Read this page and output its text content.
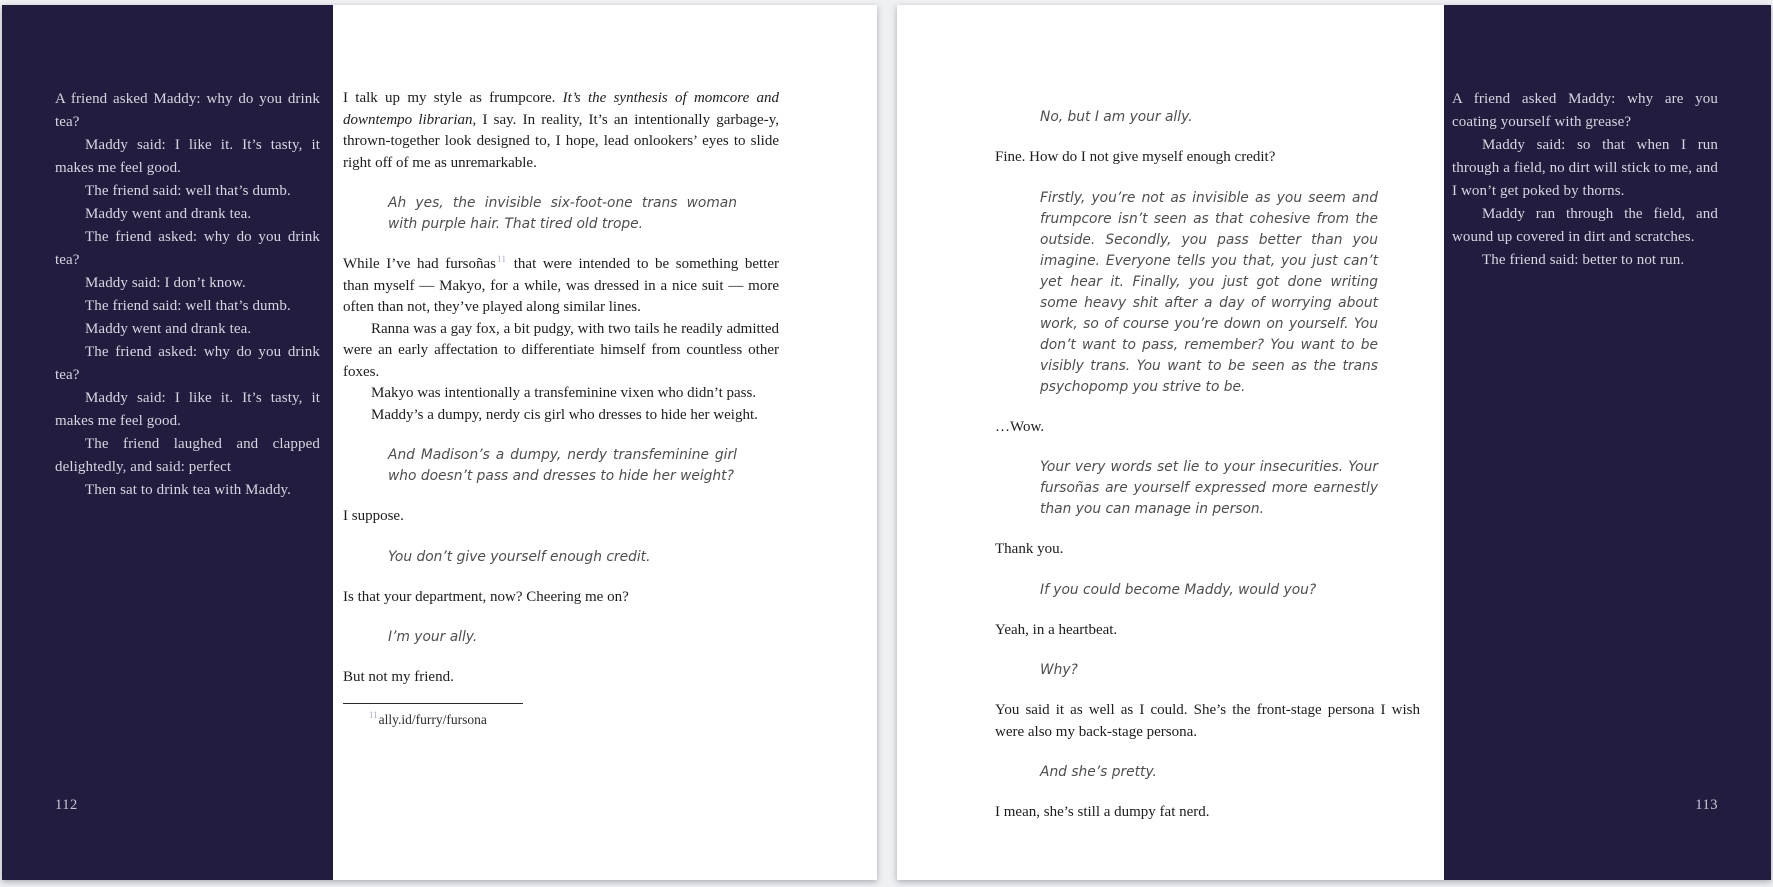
A friend asked Maddy: why do you drink tea?

Maddy said: I like it. It’s tasty, it makes me feel good.

The friend said: well that’s dumb.

Maddy went and drank tea.

The friend asked: why do you drink tea?

Maddy said: I don’t know.

The friend said: well that’s dumb.

Maddy went and drank tea.

The friend asked: why do you drink tea?

Maddy said: I like it. It’s tasty, it makes me feel good.

The friend laughed and clapped delightedly, and said: perfect

Then sat to drink tea with Maddy.

112

I talk up my style as frumpcore. It’s the synthesis of momcore and downtempo librarian, I say. In reality, It’s an intentionally garbage-y, thrown-together look designed to, I hope, lead onlookers’ eyes to slide right off of me as unremarkable.

Ah yes, the invisible six-foot-one trans woman with purple hair. That tired old trope.

While I’ve had fursoñas$^{11}$ that were intended to be something better than myself — Makyo, for a while, was dressed in a nice suit — more often than not, they’ve played along similar lines.

Ranna was a gay fox, a bit pudgy, with two tails he readily admitted were an early affectation to differentiate himself from countless other foxes.

Makyo was intentionally a transfeminine vixen who didn’t pass.

Maddy’s a dumpy, nerdy cis girl who dresses to hide her weight.

And Madison’s a dumpy, nerdy transfeminine girl who doesn’t pass and dresses to hide her weight?

I suppose.

You don’t give yourself enough credit.

Is that your department, now? Cheering me on?

I’m your ally.

But not my friend.

$^{11}$ally.id/furry/fursona

No, but I am your ally.

Fine. How do I not give myself enough credit?

Firstly, you’re not as invisible as you seem and frumpcore isn’t seen as that cohesive from the outside. Secondly, you pass better than you imagine. Everyone tells you that, you just can’t yet hear it. Finally, you just got done writing some heavy shit after a day of worrying about work, so of course you’re down on yourself. You don’t want to pass, remember? You want to be visibly trans. You want to be seen as the trans psychopomp you strive to be.

…Wow.

Your very words set lie to your insecurities. Your fursoñas are yourself expressed more earnestly than you can manage in person.

Thank you.

If you could become Maddy, would you?

Yeah, in a heartbeat.

Why?

You said it as well as I could. She’s the front-stage persona I wish were also my back-stage persona.

And she’s pretty.

I mean, she’s still a dumpy fat nerd.

A friend asked Maddy: why are you coating yourself with grease?

Maddy said: so that when I run through a field, no dirt will stick to me, and I won’t get poked by thorns.

Maddy ran through the field, and wound up covered in dirt and scratches.

The friend said: better to not run.

113
